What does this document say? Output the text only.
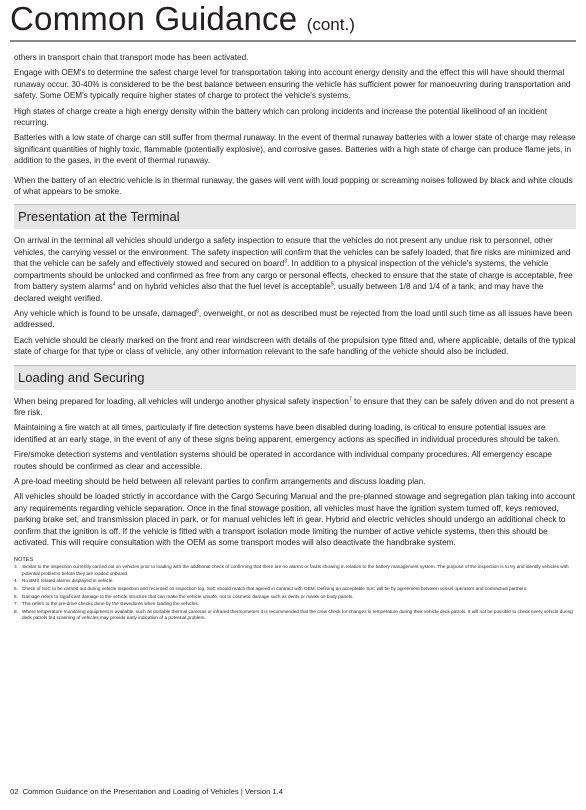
Common Guidance (cont.)

others in transport chain that transport mode has been activated.

Engage with OEM's to determine the safest charge level for transportation taking into account energy density and the effect this will have should thermal runaway occur. 30-40% is considered to be the best balance between ensuring the vehicle has sufficient power for manoeuvring during transportation and safety. Some OEM's typically require higher states of charge to protect the vehicle's systems.

High states of charge create a high energy density within the battery which can prolong incidents and increase the potential likelihood of an incident recurring.

Batteries with a low state of charge can still suffer from thermal runaway. In the event of thermal runaway batteries with a lower state of charge may release significant quantities of highly toxic, flammable (potentially explosive), and corrosive gases. Batteries with a high state of charge can produce flame jets, in addition to the gases, in the event of thermal runaway.

When the battery of an electric vehicle is in thermal runaway, the gases will vent with loud popping or screaming noises followed by black and white clouds of what appears to be smoke.

Presentation at the Terminal

On arrival in the terminal all vehicles should undergo a safety inspection to ensure that the vehicles do not present any undue risk to personnel, other vehicles, the carrying vessel or the environment. The safety inspection will confirm that the vehicles can be safely loaded, that fire risks are minimized and that the vehicle can be safely and effectively stowed and secured on board$^3$. In addition to a physical inspection of the vehicle's systems, the vehicle compartments should be unlocked and confirmed as free from any cargo or personal effects, checked to ensure that the state of charge is acceptable, free from battery system alarms$^4$ and on hybrid vehicles also that the fuel level is acceptable$^5$, usually between 1/8 and 1/4 of a tank, and may have the declared weight verified.

Any vehicle which is found to be unsafe, damaged$^6$, overweight, or not as described must be rejected from the load until such time as all issues have been addressed.

Each vehicle should be clearly marked on the front and rear windscreen with details of the propulsion type fitted and, where applicable, details of the typical state of charge for that type or class of vehicle, any other information relevant to the safe handling of the vehicle should also be included.

Loading and Securing

When being prepared for loading, all vehicles will undergo another physical safety inspection$^7$ to ensure that they can be safely driven and do not present a fire risk.

Maintaining a fire watch at all times, particularly if fire detection systems have been disabled during loading, is critical to ensure potential issues are identified at an early stage, in the event of any of these signs being apparent, emergency actions as specified in individual procedures should be taken.

Fire/smoke detection systems and ventilation systems should be operated in accordance with individual company procedures. All emergency escape routes should be confirmed as clear and accessible.

A pre-load meeting should be held between all relevant parties to confirm arrangements and discuss loading plan.

All vehicles should be loaded strictly in accordance with the Cargo Securing Manual and the pre-planned stowage and segregation plan taking into account any requirements regarding vehicle separation. Once in the final stowage position, all vehicles must have the ignition system turned off, keys removed, parking brake set, and transmission placed in park, or for manual vehicles left in gear. Hybrid and electric vehicles should undergo an additional check to confirm that the ignition is off. If the vehicle is fitted with a transport isolation mode limiting the number of active vehicle systems, then this should be activated. This will require consultation with the OEM as some transport modes will also deactivate the handbrake system.

NOTES

3. Similar to the inspection currently carried out on vehicles prior to loading with the additional check of confirming that there are no alarms or faults showing in relation to the battery management system. The purpose of the inspection is to try and identify vehicles with potential problems before they are loaded onboard.
4. No BMS related alarms displayed in vehicle.
5. Check of SoC to be carried out during vehicle inspection and recorded on inspection log. SoC should match that agreed in contract with OEM. Defining an acceptable SoC will be by agreement between vessel operators and contractual partners.
6. Damage refers to significant damage to the vehicle structure that can make the vehicle unsafe, not to cosmetic damage such as dents or marks on body panels.
7. This refers to the pre-drive checks done by the stevedores when loading the vehicles.
8. Where temperature monitoring equipment is available, such as portable thermal cameras or infrared thermometers it is recommended that the crew check for changes in temperature during their vehicle deck patrols. It will not be possible to check every vehicle during deck patrols but scanning of vehicles may provide early indication of a potential problem.
02 Common Guidance on the Presentation and Loading of Vehicles | Version 1.4
